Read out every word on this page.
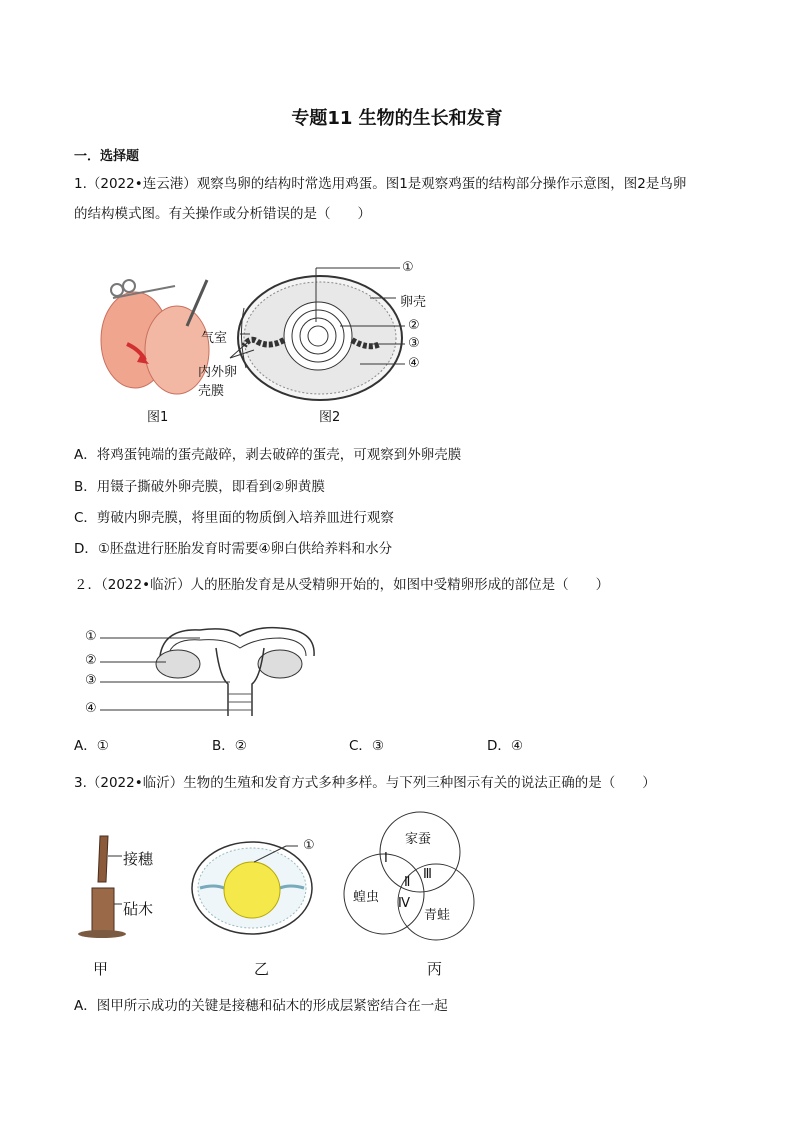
专题11 生物的生长和发育
一．选择题
1.（2022•连云港）观察鸟卵的结构时常选用鸡蛋。图1是观察鸡蛋的结构部分操作示意图，图2是鸟卵
的结构模式图。有关操作或分析错误的是（　　）
图1
①
卵壳
②
③
④
气室
内外卵
壳膜
图2
A．将鸡蛋钝端的蛋壳敲碎，剥去破碎的蛋壳，可观察到外卵壳膜
B．用镊子撕破外卵壳膜，即看到②卵黄膜
C．剪破内卵壳膜，将里面的物质倒入培养皿进行观察
D．①胚盘进行胚胎发育时需要④卵白供给养料和水分
２．（2022•临沂）人的胚胎发育是从受精卵开始的，如图中受精卵形成的部位是（　　）
①
②
③
④
A．①	B．②	C．③	D．④
3.（2022•临沂）生物的生殖和发育方式多种多样。与下列三种图示有关的说法正确的是（　　）
接穗
砧木
甲
①
乙
家蚕
蝗虫
青蛙
Ⅰ
Ⅱ
Ⅲ
Ⅳ
丙
A．图甲所示成功的关键是接穗和砧木的形成层紧密结合在一起
